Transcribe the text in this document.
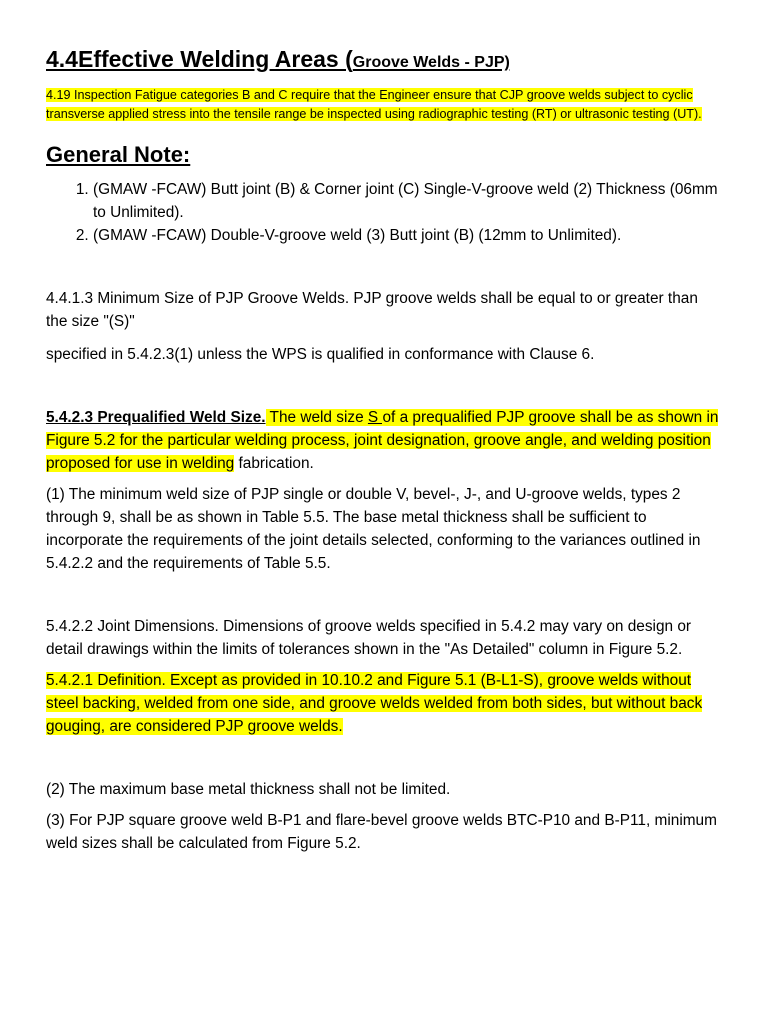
4.4Effective Welding Areas (Groove Welds - PJP)

4.19 Inspection Fatigue categories B and C require that the Engineer ensure that CJP groove welds subject to cyclic transverse applied stress into the tensile range be inspected using radiographic testing (RT) or ultrasonic testing (UT).

General Note:
1. (GMAW -FCAW) Butt joint (B) & Corner joint (C) Single-V-groove weld (2) Thickness (06mm to Unlimited).
2. (GMAW -FCAW) Double-V-groove weld (3) Butt joint (B) (12mm to Unlimited).

4.4.1.3 Minimum Size of PJP Groove Welds. PJP groove welds shall be equal to or greater than the size "(S)"

specified in 5.4.2.3(1) unless the WPS is qualified in conformance with Clause 6.

5.4.2.3 Prequalified Weld Size. The weld size S of a prequalified PJP groove shall be as shown in Figure 5.2 for the particular welding process, joint designation, groove angle, and welding position proposed for use in welding fabrication.

(1) The minimum weld size of PJP single or double V, bevel-, J-, and U-groove welds, types 2 through 9, shall be as shown in Table 5.5. The base metal thickness shall be sufficient to incorporate the requirements of the joint details selected, conforming to the variances outlined in 5.4.2.2 and the requirements of Table 5.5.

5.4.2.2 Joint Dimensions. Dimensions of groove welds specified in 5.4.2 may vary on design or detail drawings within the limits of tolerances shown in the "As Detailed" column in Figure 5.2.

5.4.2.1 Definition. Except as provided in 10.10.2 and Figure 5.1 (B-L1-S), groove welds without steel backing, welded from one side, and groove welds welded from both sides, but without back gouging, are considered PJP groove welds.

(2) The maximum base metal thickness shall not be limited.

(3) For PJP square groove weld B-P1 and flare-bevel groove welds BTC-P10 and B-P11, minimum weld sizes shall be calculated from Figure 5.2.
